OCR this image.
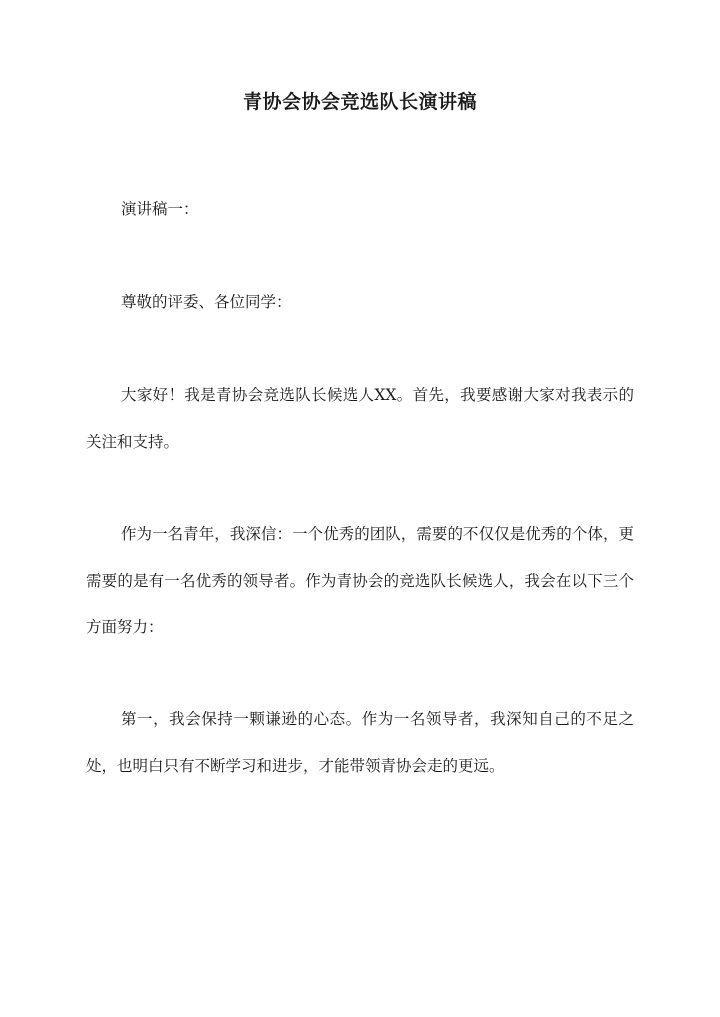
青协会协会竞选队长演讲稿

演讲稿一：

尊敬的评委、各位同学：

大家好！我是青协会竞选队长候选人XX。首先，我要感谢大家对我表示的关注和支持。

作为一名青年，我深信：一个优秀的团队，需要的不仅仅是优秀的个体，更需要的是有一名优秀的领导者。作为青协会的竞选队长候选人，我会在以下三个方面努力：

第一，我会保持一颗谦逊的心态。作为一名领导者，我深知自己的不足之处，也明白只有不断学习和进步，才能带领青协会走的更远。
